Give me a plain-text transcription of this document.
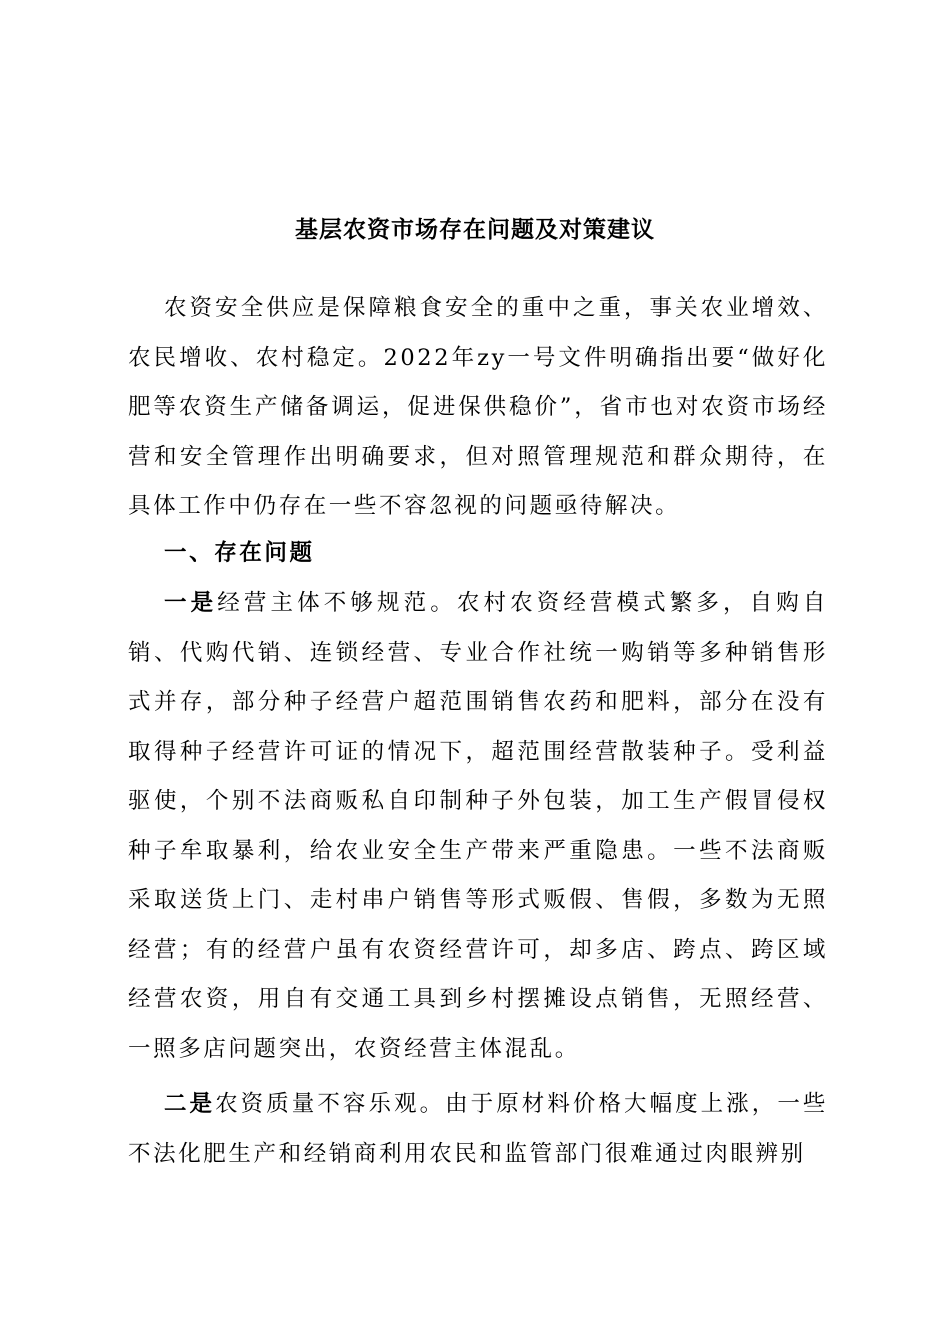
基层农资市场存在问题及对策建议

农资安全供应是保障粮食安全的重中之重，事关农业增效、农民增收、农村稳定。2022年zy一号文件明确指出要“做好化肥等农资生产储备调运，促进保供稳价”，省市也对农资市场经营和安全管理作出明确要求，但对照管理规范和群众期待，在具体工作中仍存在一些不容忽视的问题亟待解决。

一、存在问题

一是经营主体不够规范。农村农资经营模式繁多，自购自销、代购代销、连锁经营、专业合作社统一购销等多种销售形式并存，部分种子经营户超范围销售农药和肥料，部分在没有取得种子经营许可证的情况下，超范围经营散装种子。受利益驱使，个别不法商贩私自印制种子外包装，加工生产假冒侵权种子牟取暴利，给农业安全生产带来严重隐患。一些不法商贩采取送货上门、走村串户销售等形式贩假、售假，多数为无照经营；有的经营户虽有农资经营许可，却多店、跨点、跨区域经营农资，用自有交通工具到乡村摆摊设点销售，无照经营、一照多店问题突出，农资经营主体混乱。

二是农资质量不容乐观。由于原材料价格大幅度上涨，一些不法化肥生产和经销商利用农民和监管部门很难通过肉眼辨别
